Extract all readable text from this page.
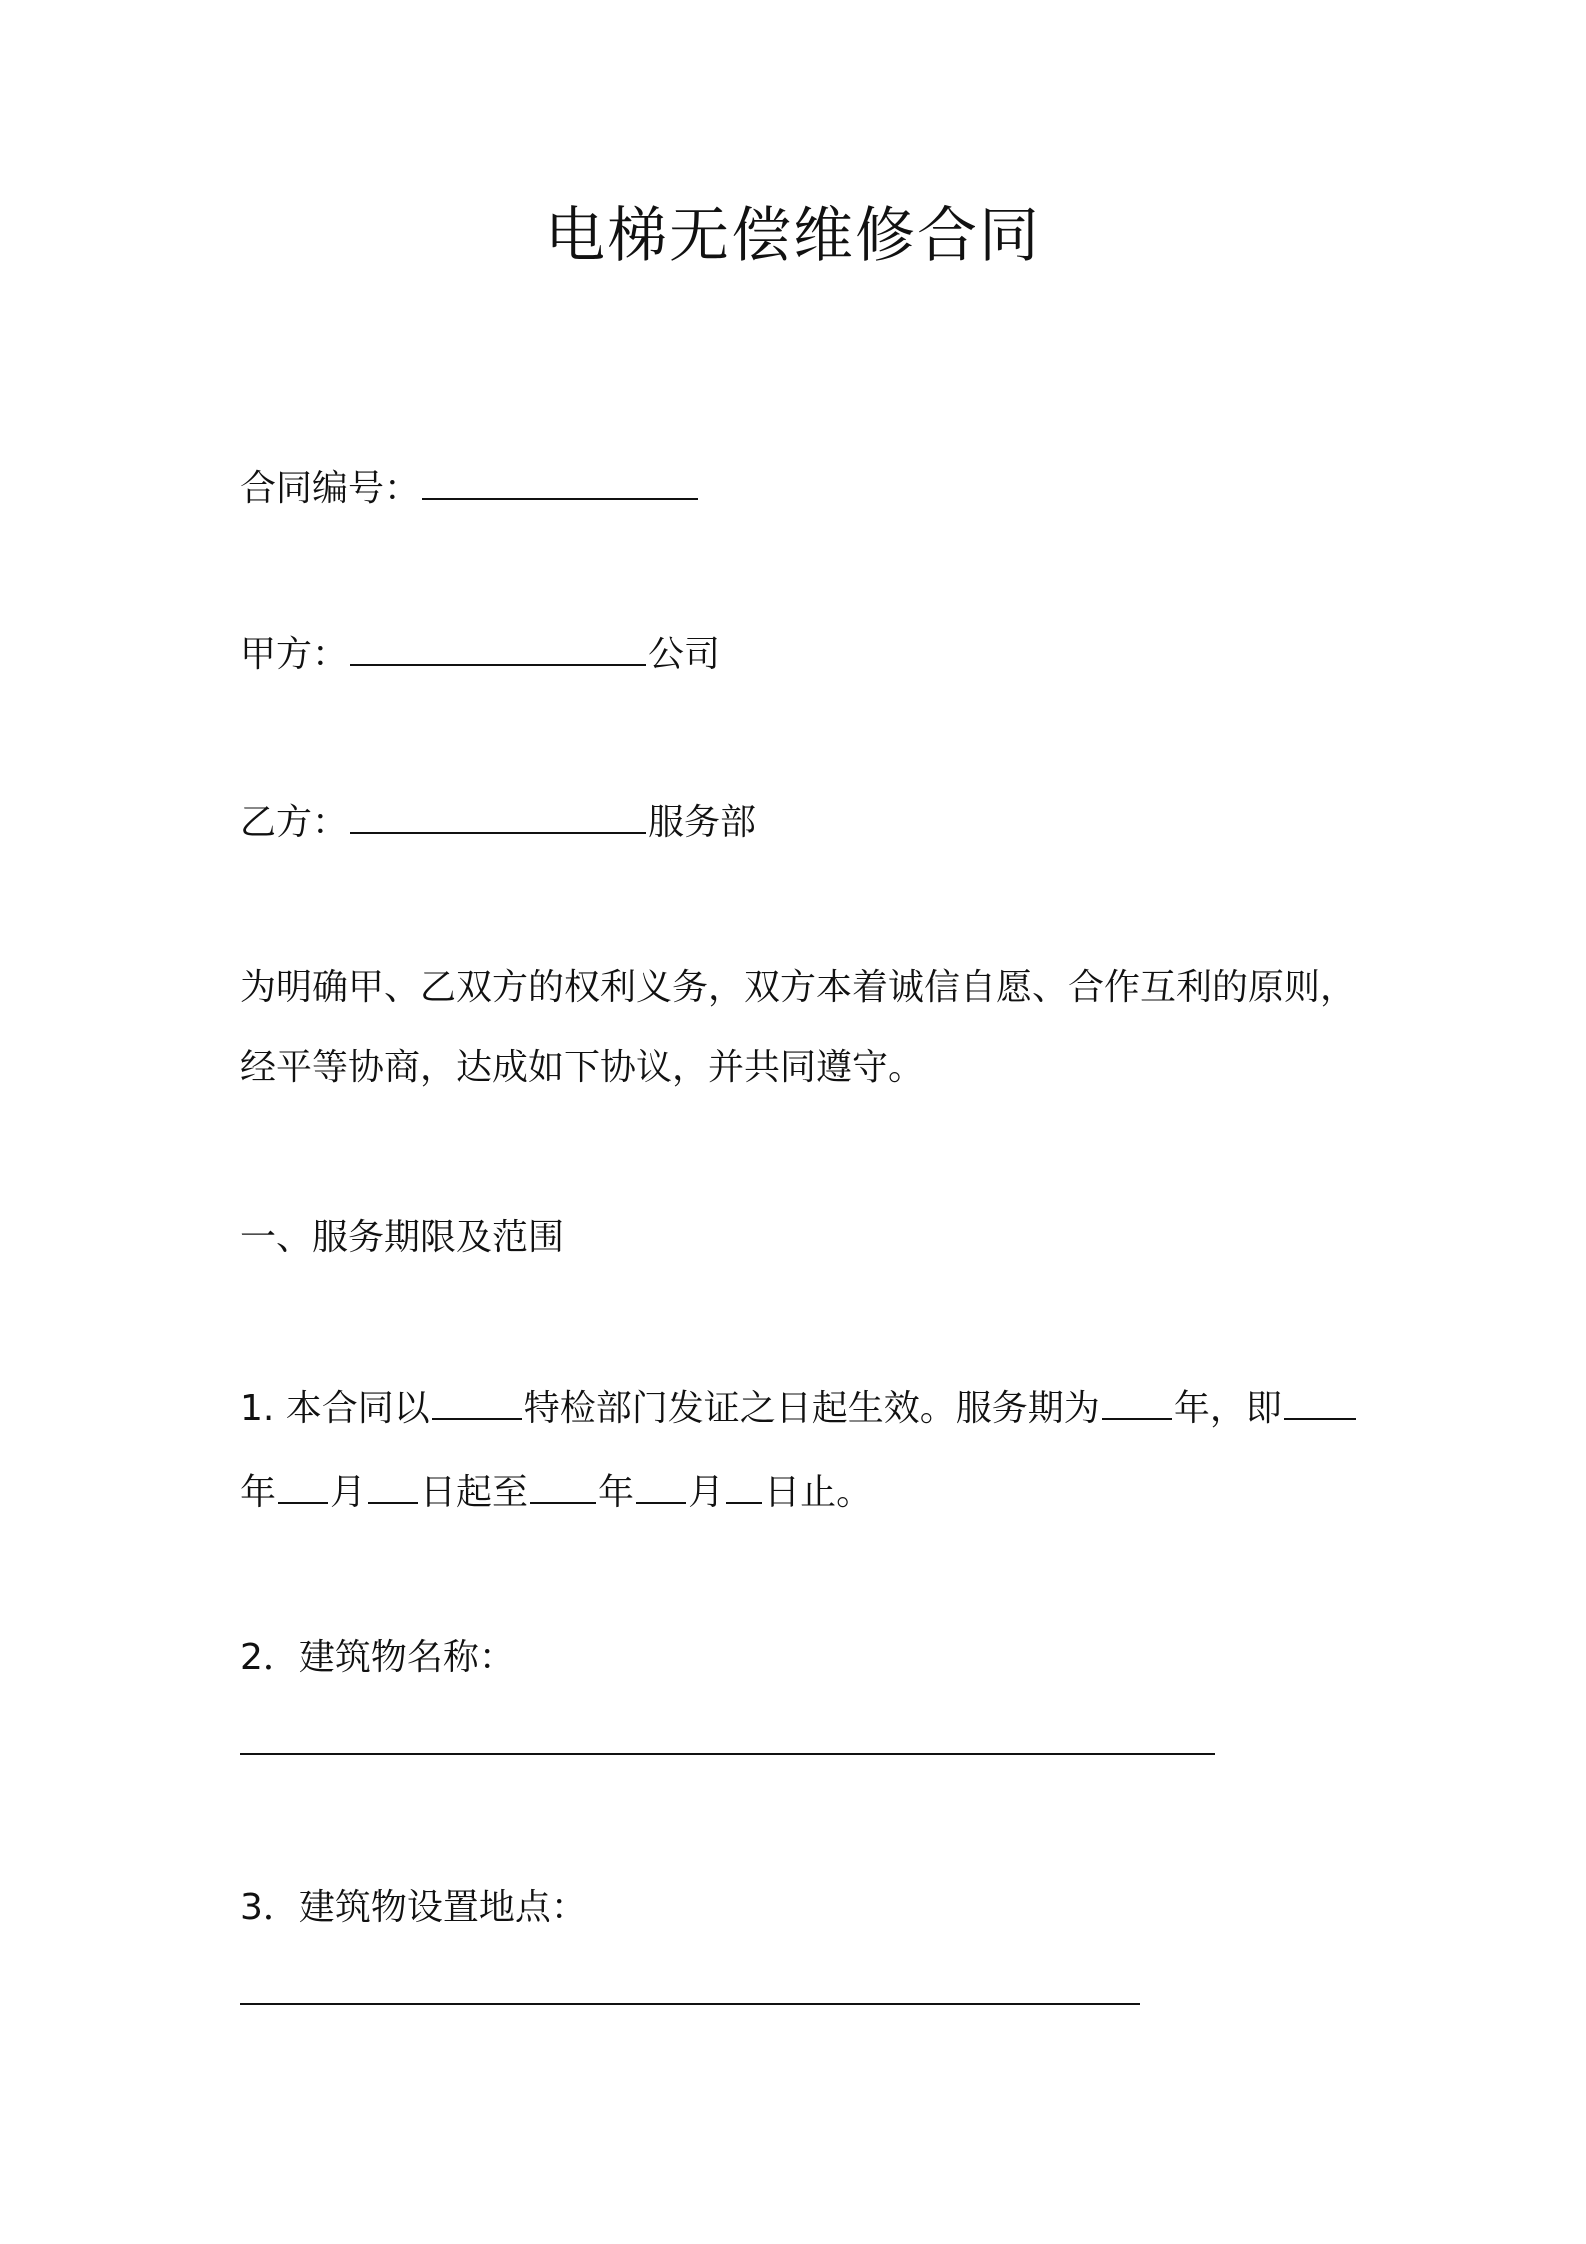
电梯无偿维修合同
合同编号：
甲方：	公司
乙方：	服务部
为明确甲、乙双方的权利义务，双方本着诚信自愿、合作互利的原则，
经平等协商，达成如下协议，并共同遵守。
一、服务期限及范围
1. 本合同以	特检部门发证之日起生效。服务期为 年，即
年 月 日起至 年 月 日止。
2．建筑物名称：
3．建筑物设置地点：
